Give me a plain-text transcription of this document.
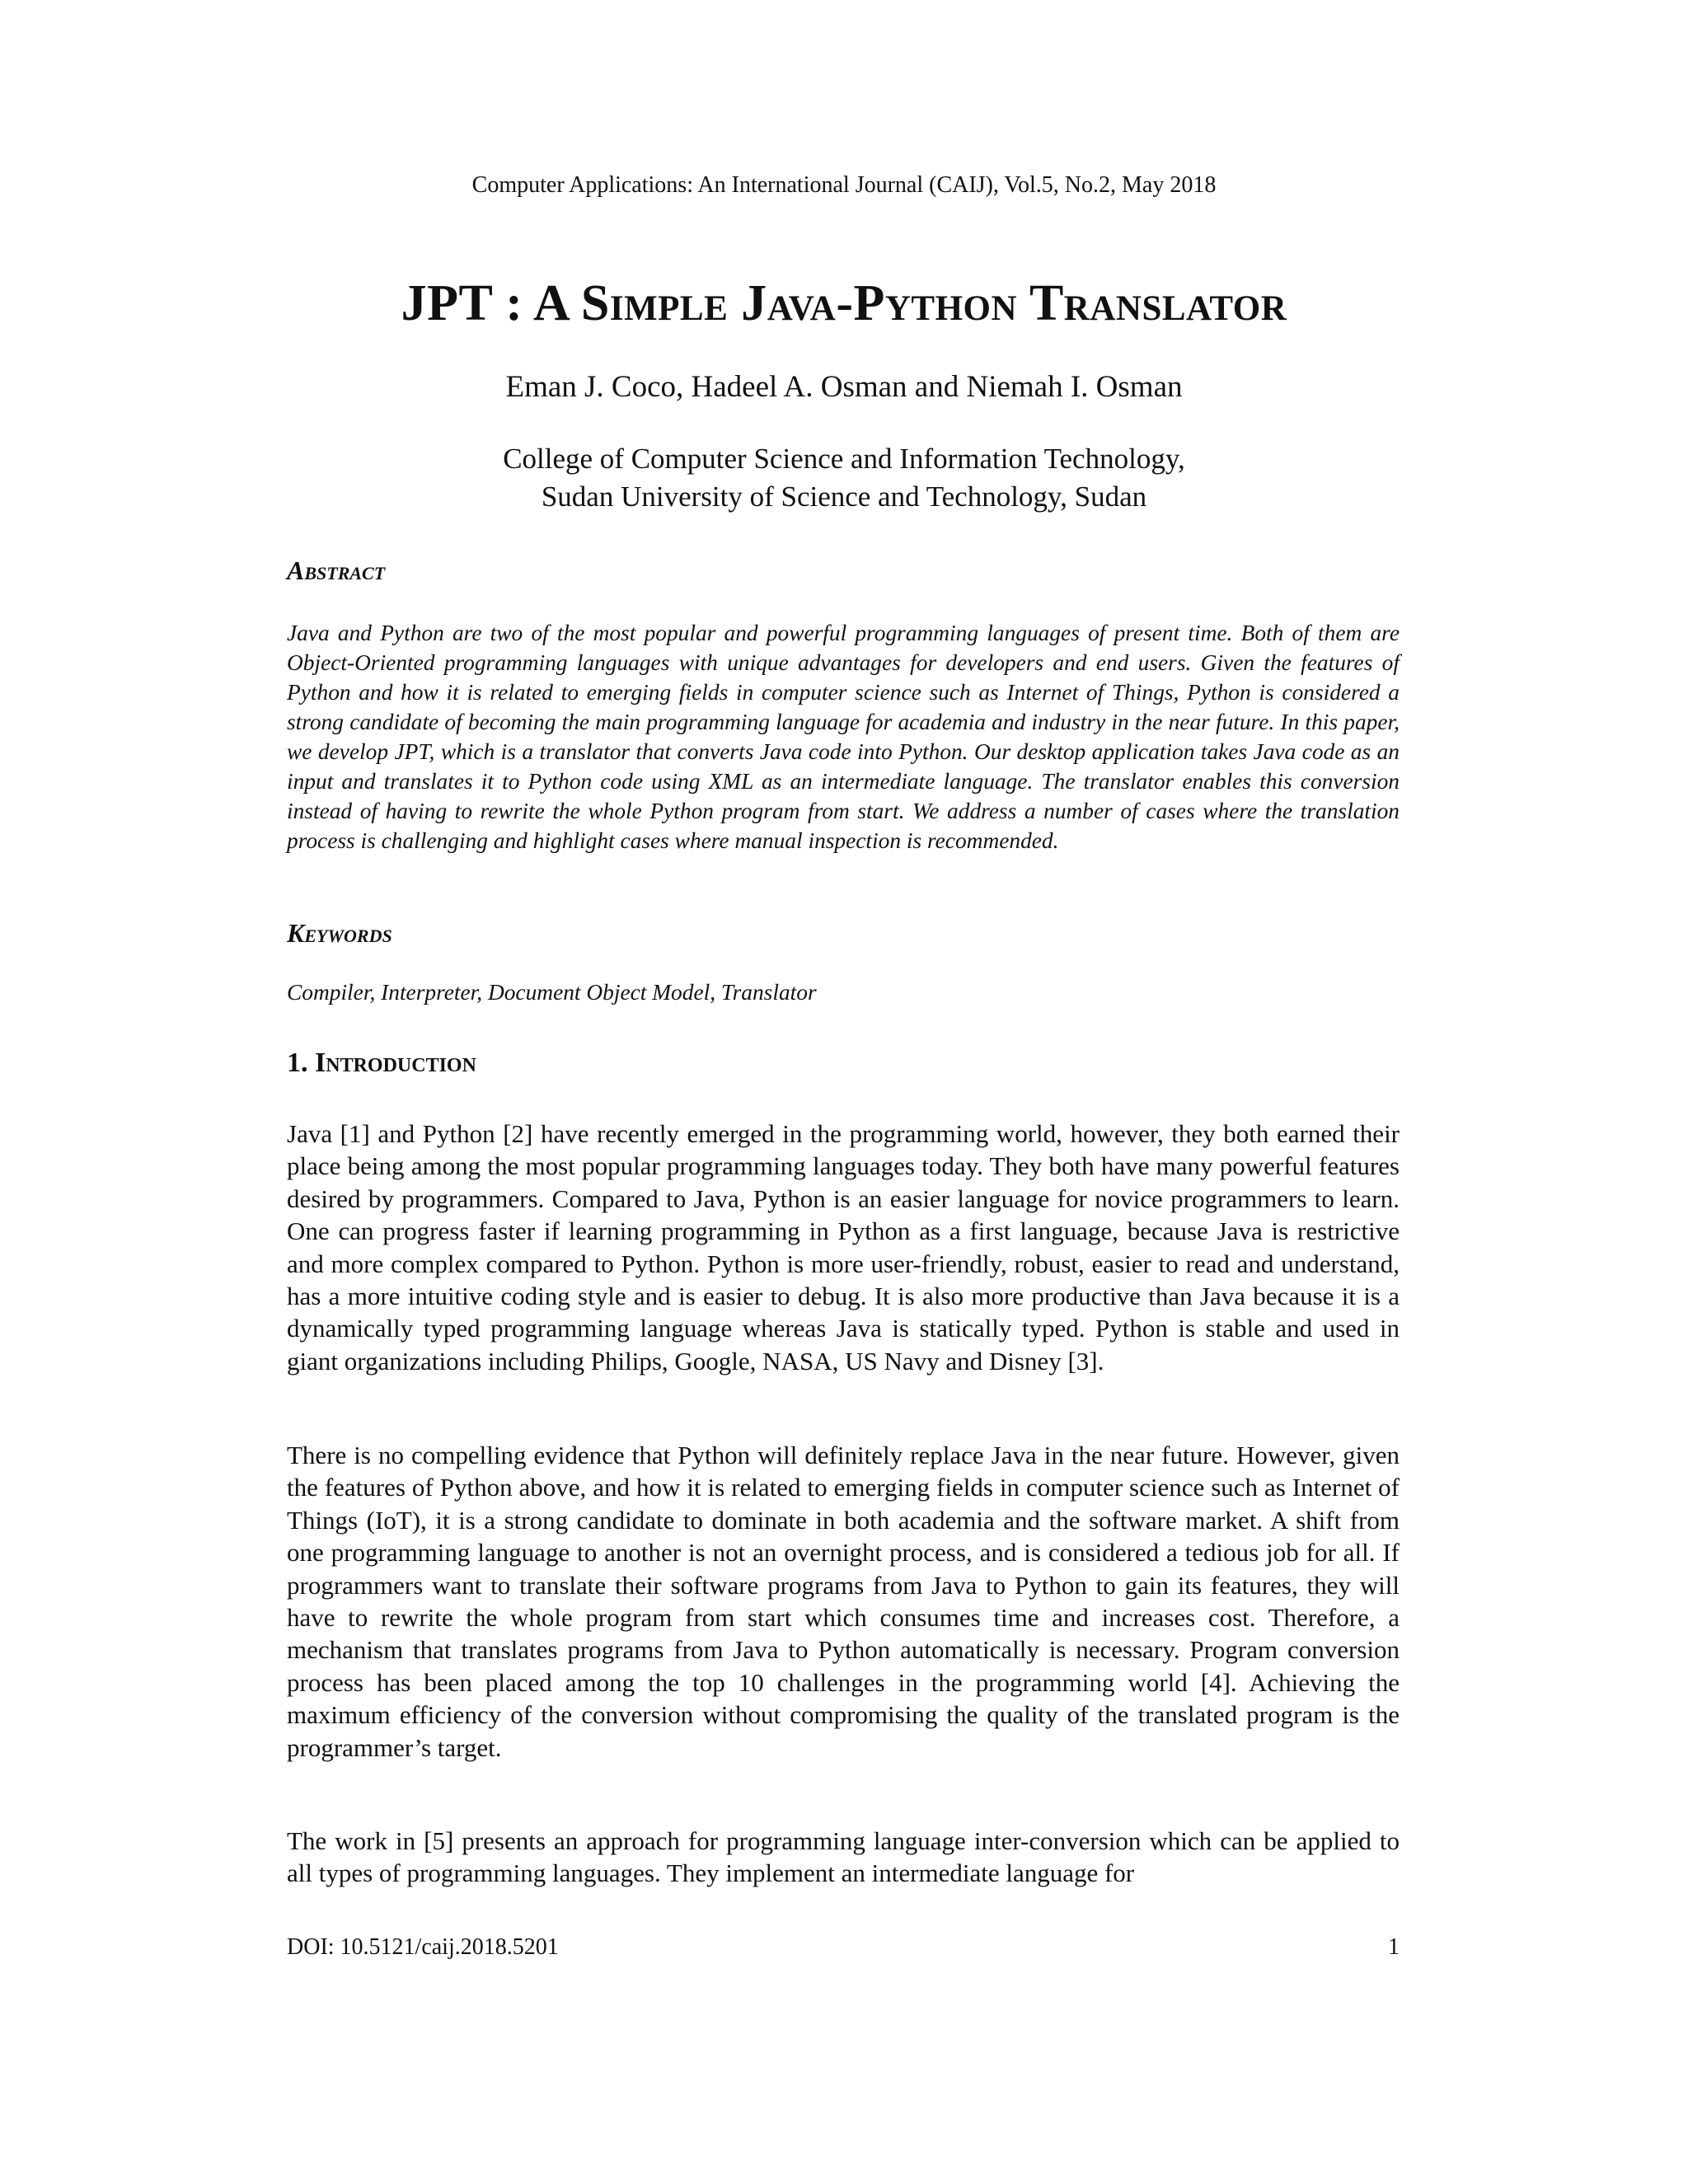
Computer Applications: An International Journal (CAIJ), Vol.5, No.2, May 2018
JPT : A Simple Java-Python Translator
Eman J. Coco, Hadeel A. Osman and Niemah I. Osman
College of Computer Science and Information Technology,
Sudan University of Science and Technology, Sudan
Abstract
Java and Python are two of the most popular and powerful programming languages of present time. Both of them are Object-Oriented programming languages with unique advantages for developers and end users. Given the features of Python and how it is related to emerging fields in computer science such as Internet of Things, Python is considered a strong candidate of becoming the main programming language for academia and industry in the near future. In this paper, we develop JPT, which is a translator that converts Java code into Python. Our desktop application takes Java code as an input and translates it to Python code using XML as an intermediate language. The translator enables this conversion instead of having to rewrite the whole Python program from start. We address a number of cases where the translation process is challenging and highlight cases where manual inspection is recommended.
Keywords
Compiler, Interpreter, Document Object Model, Translator
1. Introduction
Java [1] and Python [2] have recently emerged in the programming world, however, they both earned their place being among the most popular programming languages today. They both have many powerful features desired by programmers. Compared to Java, Python is an easier language for novice programmers to learn. One can progress faster if learning programming in Python as a first language, because Java is restrictive and more complex compared to Python. Python is more user-friendly, robust, easier to read and understand, has a more intuitive coding style and is easier to debug. It is also more productive than Java because it is a dynamically typed programming language whereas Java is statically typed. Python is stable and used in giant organizations including Philips, Google, NASA, US Navy and Disney [3].
There is no compelling evidence that Python will definitely replace Java in the near future. However, given the features of Python above, and how it is related to emerging fields in computer science such as Internet of Things (IoT), it is a strong candidate to dominate in both academia and the software market. A shift from one programming language to another is not an overnight process, and is considered a tedious job for all. If programmers want to translate their software programs from Java to Python to gain its features, they will have to rewrite the whole program from start which consumes time and increases cost. Therefore, a mechanism that translates programs from Java to Python automatically is necessary. Program conversion process has been placed among the top 10 challenges in the programming world [4]. Achieving the maximum efficiency of the conversion without compromising the quality of the translated program is the programmer’s target.
The work in [5] presents an approach for programming language inter-conversion which can be applied to all types of programming languages. They implement an intermediate language for
DOI: 10.5121/caij.2018.5201	1
